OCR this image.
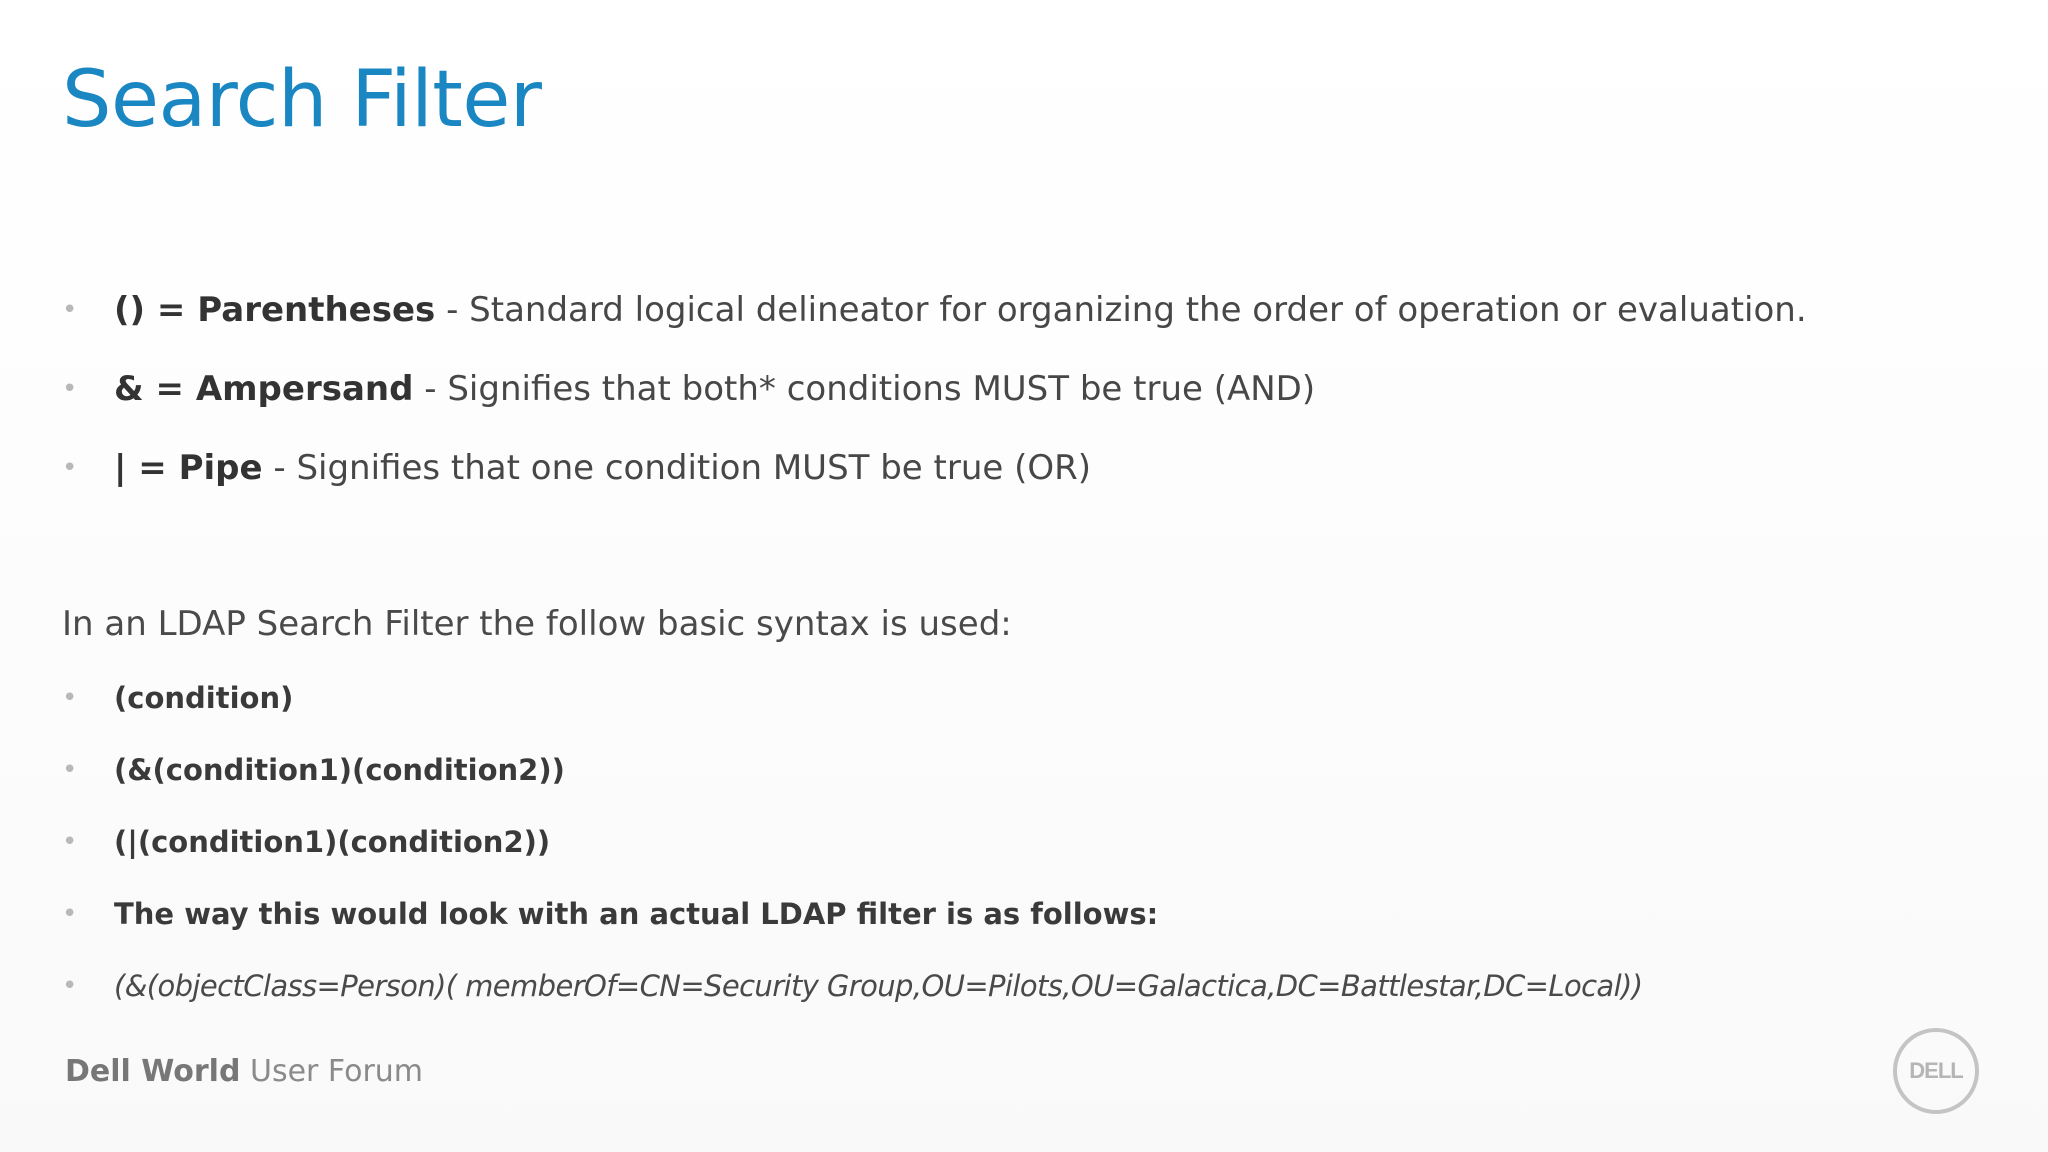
Search Filter
• () = Parentheses - Standard logical delineator for organizing the order of operation or evaluation.
• & = Ampersand - Signifies that both* conditions MUST be true (AND)
• | = Pipe - Signifies that one condition MUST be true (OR)

In an LDAP Search Filter the follow basic syntax is used:

• (condition)
• (&(condition1)(condition2))
• (|(condition1)(condition2))
• The way this would look with an actual LDAP filter is as follows:
• (&(objectClass=Person)( memberOf=CN=Security Group,OU=Pilots,OU=Galactica,DC=Battlestar,DC=Local))
Dell World User Forum	DELL
